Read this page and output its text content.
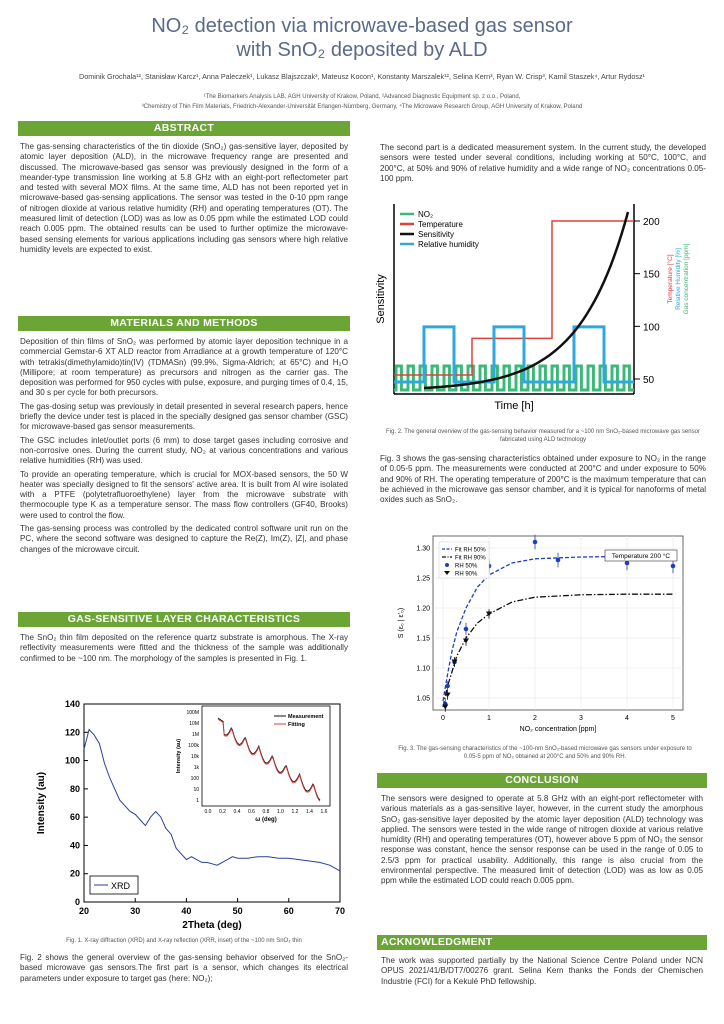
NO₂ detection via microwave-based gas sensor
with SnO₂ deposited by ALD
Dominik Grochala¹², Stanisław Karcz¹, Anna Paleczek¹, Lukasz Blajszczak³, Mateusz Kocon¹, Konstanty Marszalek¹², Selina Kern³, Ryan W. Crisp³, Kamil Staszek⁴, Artur Rydosz¹
¹The Biomarkers Analysis LAB, AGH University of Krakow, Poland, ²Advanced Diagnostic Equipment sp. z o.o., Poland,
³Chemistry of Thin Film Materials, Friedrich-Alexander-Universität Erlangen-Nürnberg, Germany, ⁴The Microwave Research Group, AGH University of Krakow, Poland
ABSTRACT
The gas-sensing characteristics of the tin dioxide (SnO₂) gas-sensitive layer, deposited by atomic layer deposition (ALD), in the microwave frequency range are presented and discussed. The microwave-based gas sensor was previously designed in the form of a meander-type transmission line working at 5.8 GHz with an eight-port reflectometer part and tested with several MOX films. At the same time, ALD has not been reported yet in microwave-based gas-sensing applications. The sensor was tested in the 0-10 ppm range of nitrogen dioxide at various relative humidity (RH) and operating temperatures (OT). The measured limit of detection (LOD) was as low as 0.05 ppm while the estimated LOD could reach 0.005 ppm. The obtained results can be used to further optimize the microwave-based sensing elements for various applications including gas sensors where high relative humidity levels are expected to exist.
MATERIALS AND METHODS

Deposition of thin films of SnO₂ was performed by atomic layer deposition technique in a commercial Gemstar-6 XT ALD reactor from Arradiance at a growth temperature of 120°C with tetrakis(dimethylamido)tin(IV) (TDMASn) (99.9%, Sigma-Aldrich; at 65°C) and H₂O (Millipore; at room temperature) as precursors and nitrogen as the carrier gas. The deposition was performed for 950 cycles with pulse, exposure, and purging times of 0.4, 15, and 30 s per cycle for both precursors.

The gas-dosing setup was previously in detail presented in several research papers, hence briefly the device under test is placed in the specially designed gas sensor chamber (GSC) for microwave-based gas sensor measurements.

The GSC includes inlet/outlet ports (6 mm) to dose target gases including corrosive and non-corrosive ones. During the current study, NO₂ at various concentrations and various relative humidities (RH) was used.

To provide an operating temperature, which is crucial for MOX-based sensors, the 50 W heater was specially designed to fit the sensors' active area. It is built from Al wire isolated with a PTFE (polytetrafluoroethylene) layer from the microwave substrate with thermocouple type K as a temperature sensor. The mass flow controllers (GF40, Brooks) were used to control the flow.

The gas-sensing process was controlled by the dedicated control software unit run on the PC, where the second software was designed to capture the Re(Z), Im(Z), |Z|, and phase changes of the microwave circuit.

GAS-SENSITIVE LAYER CHARACTERISTICS
The SnO₂ thin film deposited on the reference quartz substrate is amorphous. The X-ray reflectivity measurements were fitted and the thickness of the sample was additionally confirmed to be ~100 nm. The morphology of the samples is presented in Fig. 1.
20	30	40	50	60	70
0
20
40
60
80
100
120
140
2Theta (deg)
Intensity (au)
XRD
100M
10M
1M
100k
10k
1k
100
10
1
0.0 0.2 0.4 0.6 0.8 1.0 1.2 1.4 1.6
ω (deg)
Intensity (au)
Measurement
Fitting
Fig. 1. X-ray diffraction (XRD) and X-ray reflection (XRR, inset) of the ~100 nm SnO₂ thin
Fig. 2 shows the general overview of the gas-sensing behavior observed for the SnO₂-based microwave gas sensors.The first part is a sensor, which changes its electrical parameters under exposure to target gas (here: NO₂);
The second part is a dedicated measurement system. In the current study, the developed sensors were tested under several conditions, including working at 50°C, 100°C, and 200°C, at 50% and 90% of relative humidity and a wide range of NO₂ concentrations 0.05-100 ppm.
50
100
150
200
Temperature [°C] Relative Humidity [%] Gas concentration [ppm]
Time [h]
Sensitivity
NO₂
Temperature
Sensitivity
Relative humidity
Fig. 2. The general overview of the gas-sensing behavior measured for a ~100 nm SnO₂-based microwave gas sensor fabricated using ALD technology
Fig. 3 shows the gas-sensing characteristics obtained under exposure to NO₂ in the range of 0.05-5 ppm. The measurements were conducted at 200°C and under exposure to 50% and 90% of RH. The operating temperature of 200°C is the maximum temperature that can be achieved in the microwave gas sensor chamber, and it is typical for nanoforms of metal oxides such as SnO₂.
0	1	2	3	4	5
1.05
1.10
1.15
1.20
1.25
1.30
NO₂ concentration [ppm]
S (ε₀ | ε'₀)
Fit RH 50%
Fit RH 90%
RH 50%
RH 90%
Temperature 200 °C
Fig. 3. The gas-sensing characteristics of the ~100-nm SnO₂-based microwave gas sensors under exposure to 0.05-5 ppm of NO₂ obtained at 200°C and 50% and 90% RH.
CONCLUSION
The sensors were designed to operate at 5.8 GHz with an eight-port reflectometer with various materials as a gas-sensitive layer, however, in the current study the amorphous SnO₂ gas-sensitive layer deposited by the atomic layer deposition (ALD) technology was applied. The sensors were tested in the wide range of nitrogen dioxide at various relative humidity (RH) and operating temperatures (OT), however above 5 ppm of NO₂ the sensor response was constant, hence the sensor response can be used in the range of 0.05 to 2.5/3 ppm for practical usability. Additionally, this range is also crucial from the environmental perspective. The measured limit of detection (LOD) was as low as 0.05 ppm while the estimated LOD could reach 0.005 ppm.
ACKNOWLEDGMENT
The work was supported partially by the National Science Centre Poland under NCN OPUS 2021/41/B/DT7/00276 grant. Selina Kern thanks the Fonds der Chemischen Industrie (FCI) for a Kekulé PhD fellowship.
